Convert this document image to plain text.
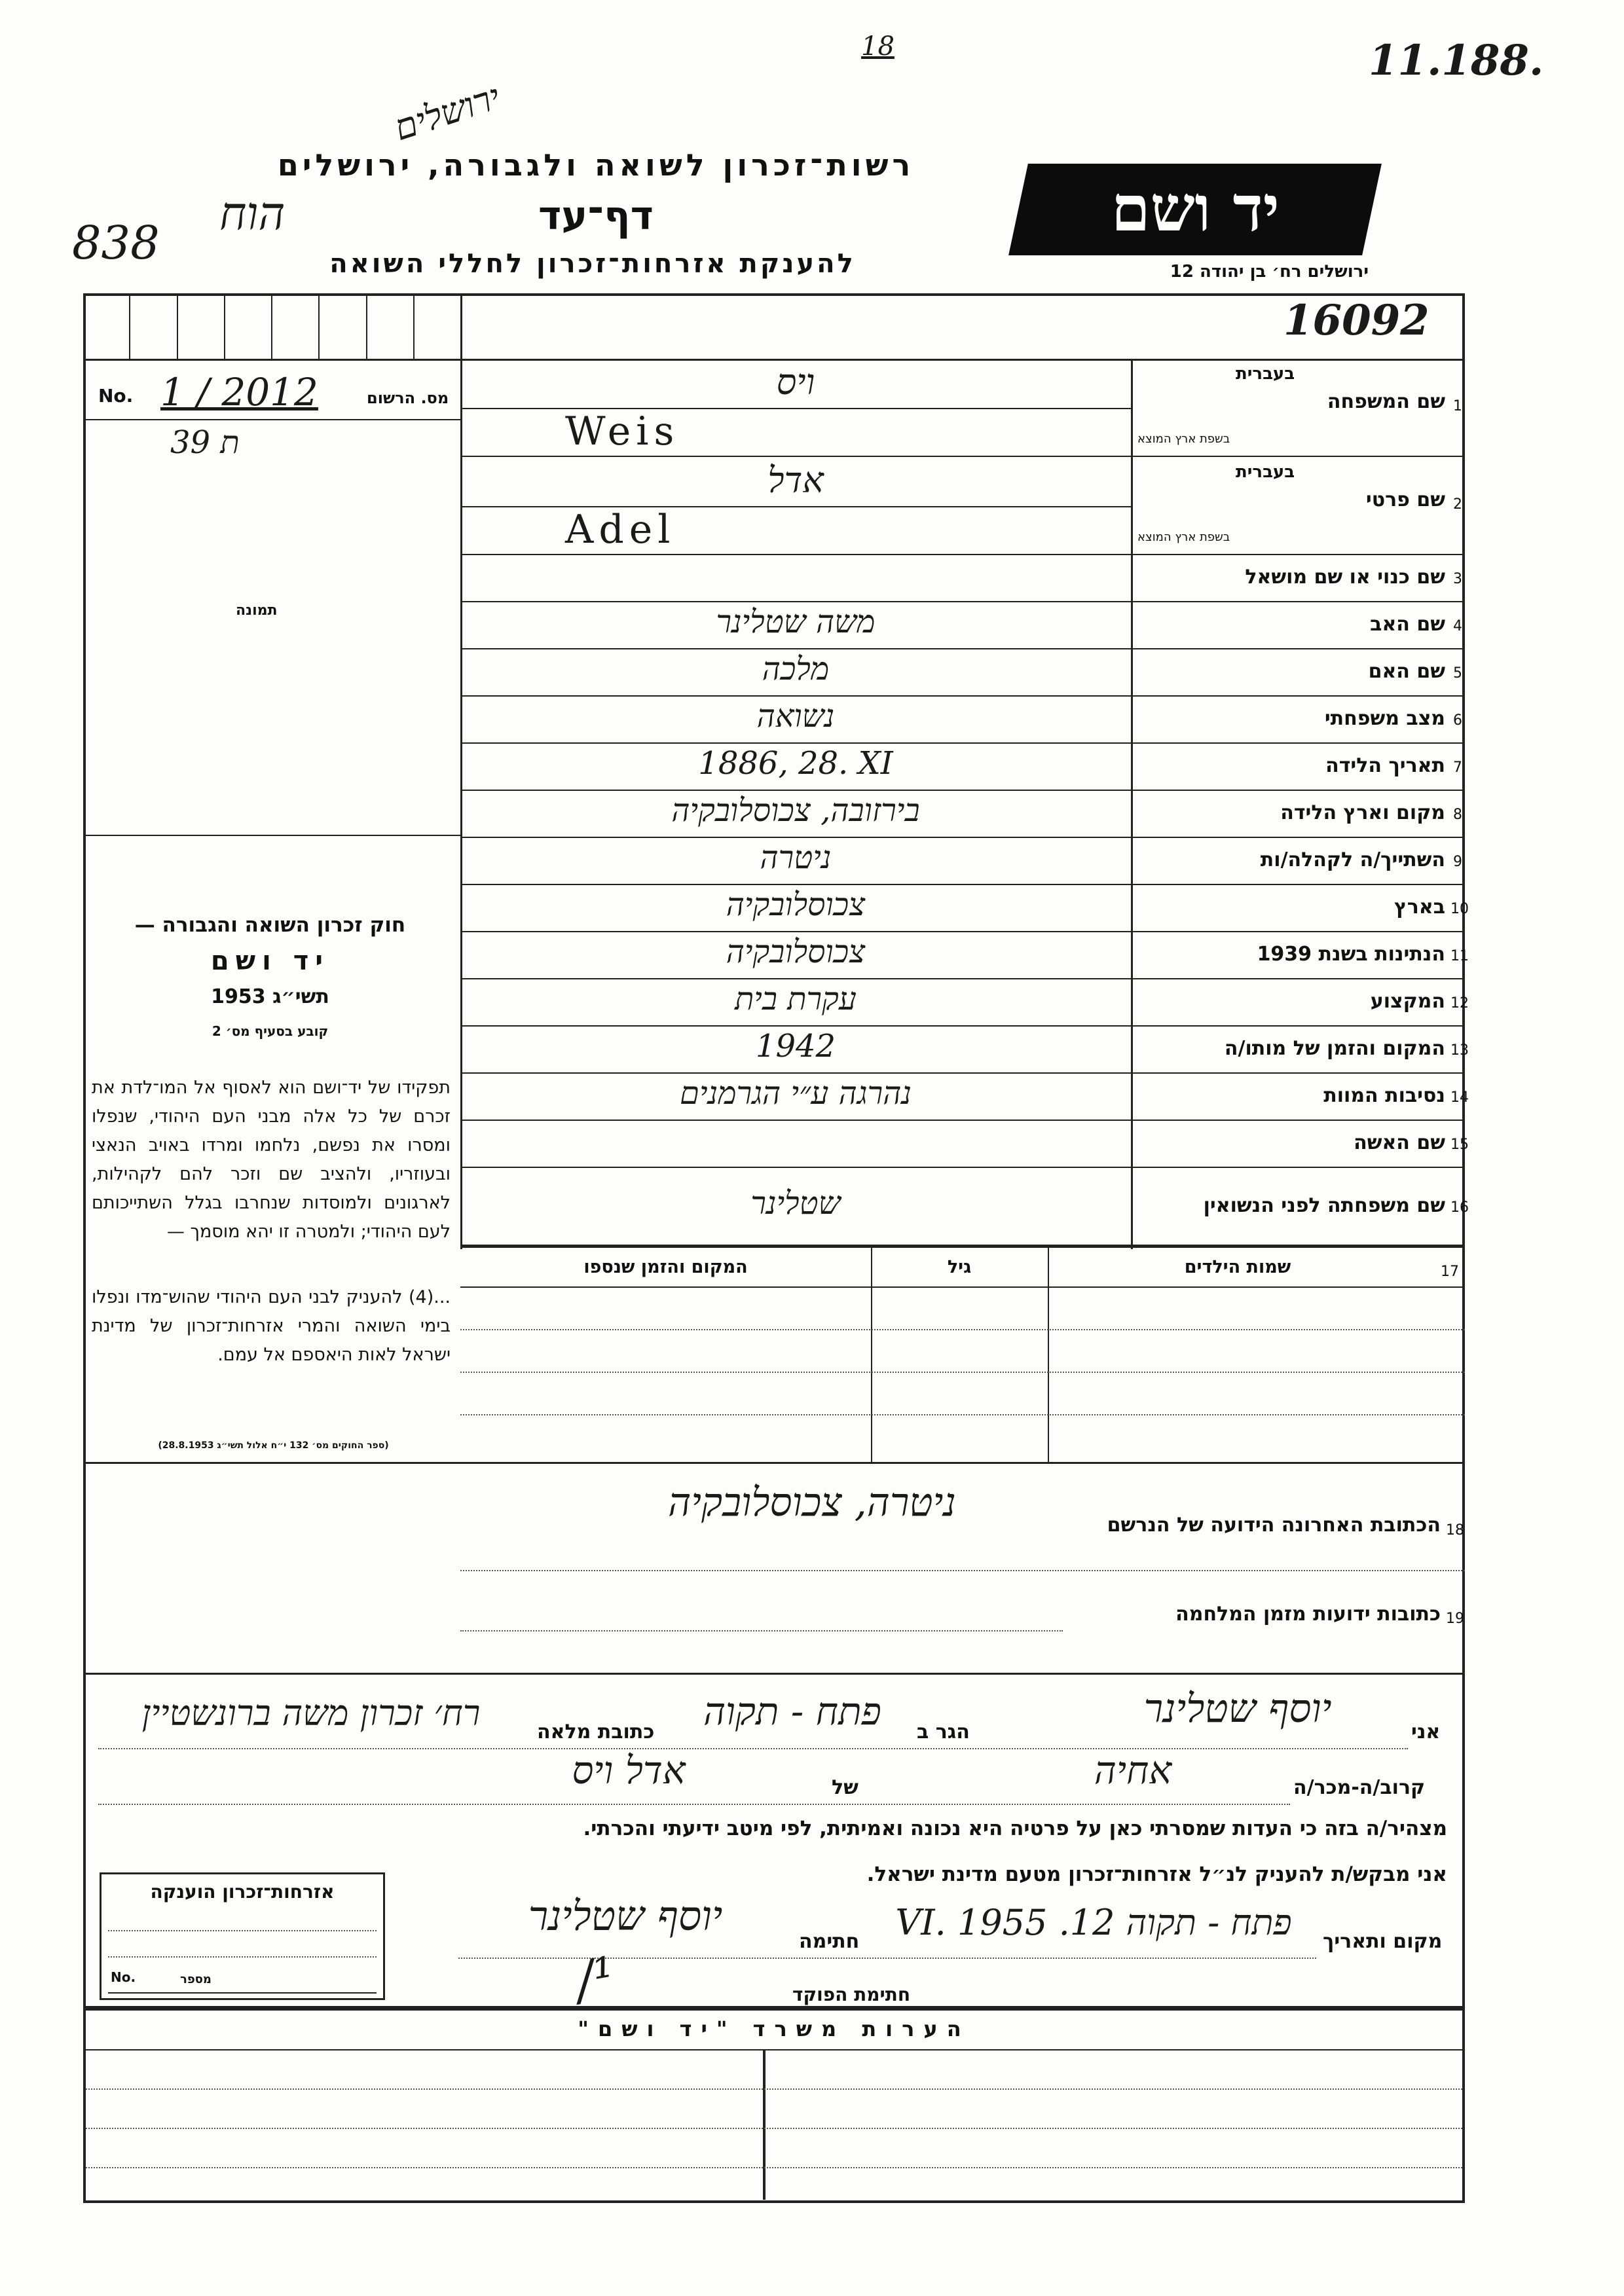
11.188.
18
838
הוח
ירושלים
רשות־זכרון לשואה ולגבורה, ירושלים
דף־עד
להענקת אזרחות־זכרון לחללי השואה
יד ושם
ירושלים רח׳ בן יהודה 12
16092
No. 1 / 2012	מס. הרשום
39 ת
תמונה
חוק זכרון השואה והגבורה —
יד ושם
תשי״ג 1953
קובע בסעיף מס׳ 2
תפקידו של יד־ושם הוא לאסוף אל המו־לדת את זכרם של כל אלה מבני העם היהודי, שנפלו ומסרו את נפשם, נלחמו ומרדו באויב הנאצי ובעוזריו, ולהציב שם וזכר להם לקהילות, לארגונים ולמוסדות שנחרבו בגלל השתייכותם לעם היהודי; ולמטרה זו יהא מוסמך —
...(4) להעניק לבני העם היהודי שהוש־מדו ונפלו בימי השואה והמרי אזרחות־זכרון של מדינת ישראל לאות היאספם אל עמם.
(ספר החוקים מס׳ 132 י״ח אלול תשי״ג 28.8.1953)
ויס
Weis
1
שם המשפחה
בעברית
בשפת ארץ המוצא
אדל
Adel
2
שם פרטי
בעברית
בשפת ארץ המוצא
3
שם כנוי או שם מושאל
משה שטלינר	4
שם האב
מלכה	5
שם האם
נשואה	6
מצב משפחתי
1886, 28. XI	7
תאריך הלידה
בירזובה, צכוסלובקיה	8
מקום וארץ הלידה
ניטרה	9
השתייך/ה לקהלה/ות
צכוסלובקיה	10
בארץ
צכוסלובקיה	11
הנתינות בשנת 1939
עקרת בית	12
המקצוע
1942	13
המקום והזמן של מותו/ה
נהרגה ע״י הגרמנים	14
נסיבות המוות
15
שם האשה
שטלינר	16
שם משפחתה לפני הנשואין
שמות הילדים
גיל
המקום והזמן שנספו	17
18
הכתובת האחרונה הידועה של הנרשם
ניטרה, צכוסלובקיה
19
כתובות ידועות מזמן המלחמה
אני
יוסף שטלינר
הגר ב
פתח - תקוה
כתובת מלאה
רח׳ זכרון משה ברונשטיין
קרוב/ה-מכר/ה
אחיה
של
אדל ויס
מצהיר/ה בזה כי העדות שמסרתי כאן על פרטיה היא נכונה ואמיתית, לפי מיטב ידיעתי והכרתי.
אני מבקש/ת להעניק לנ״ל אזרחות־זכרון מטעם מדינת ישראל.
מקום ותאריך
פתח - תקוה 12. VI. 1955
חתימה
יוסף שטלינר
/¹	חתימת הפוקד
אזרחות־זכרון הוענקה
No.	מספר
הערות משרד "יד ושם"
